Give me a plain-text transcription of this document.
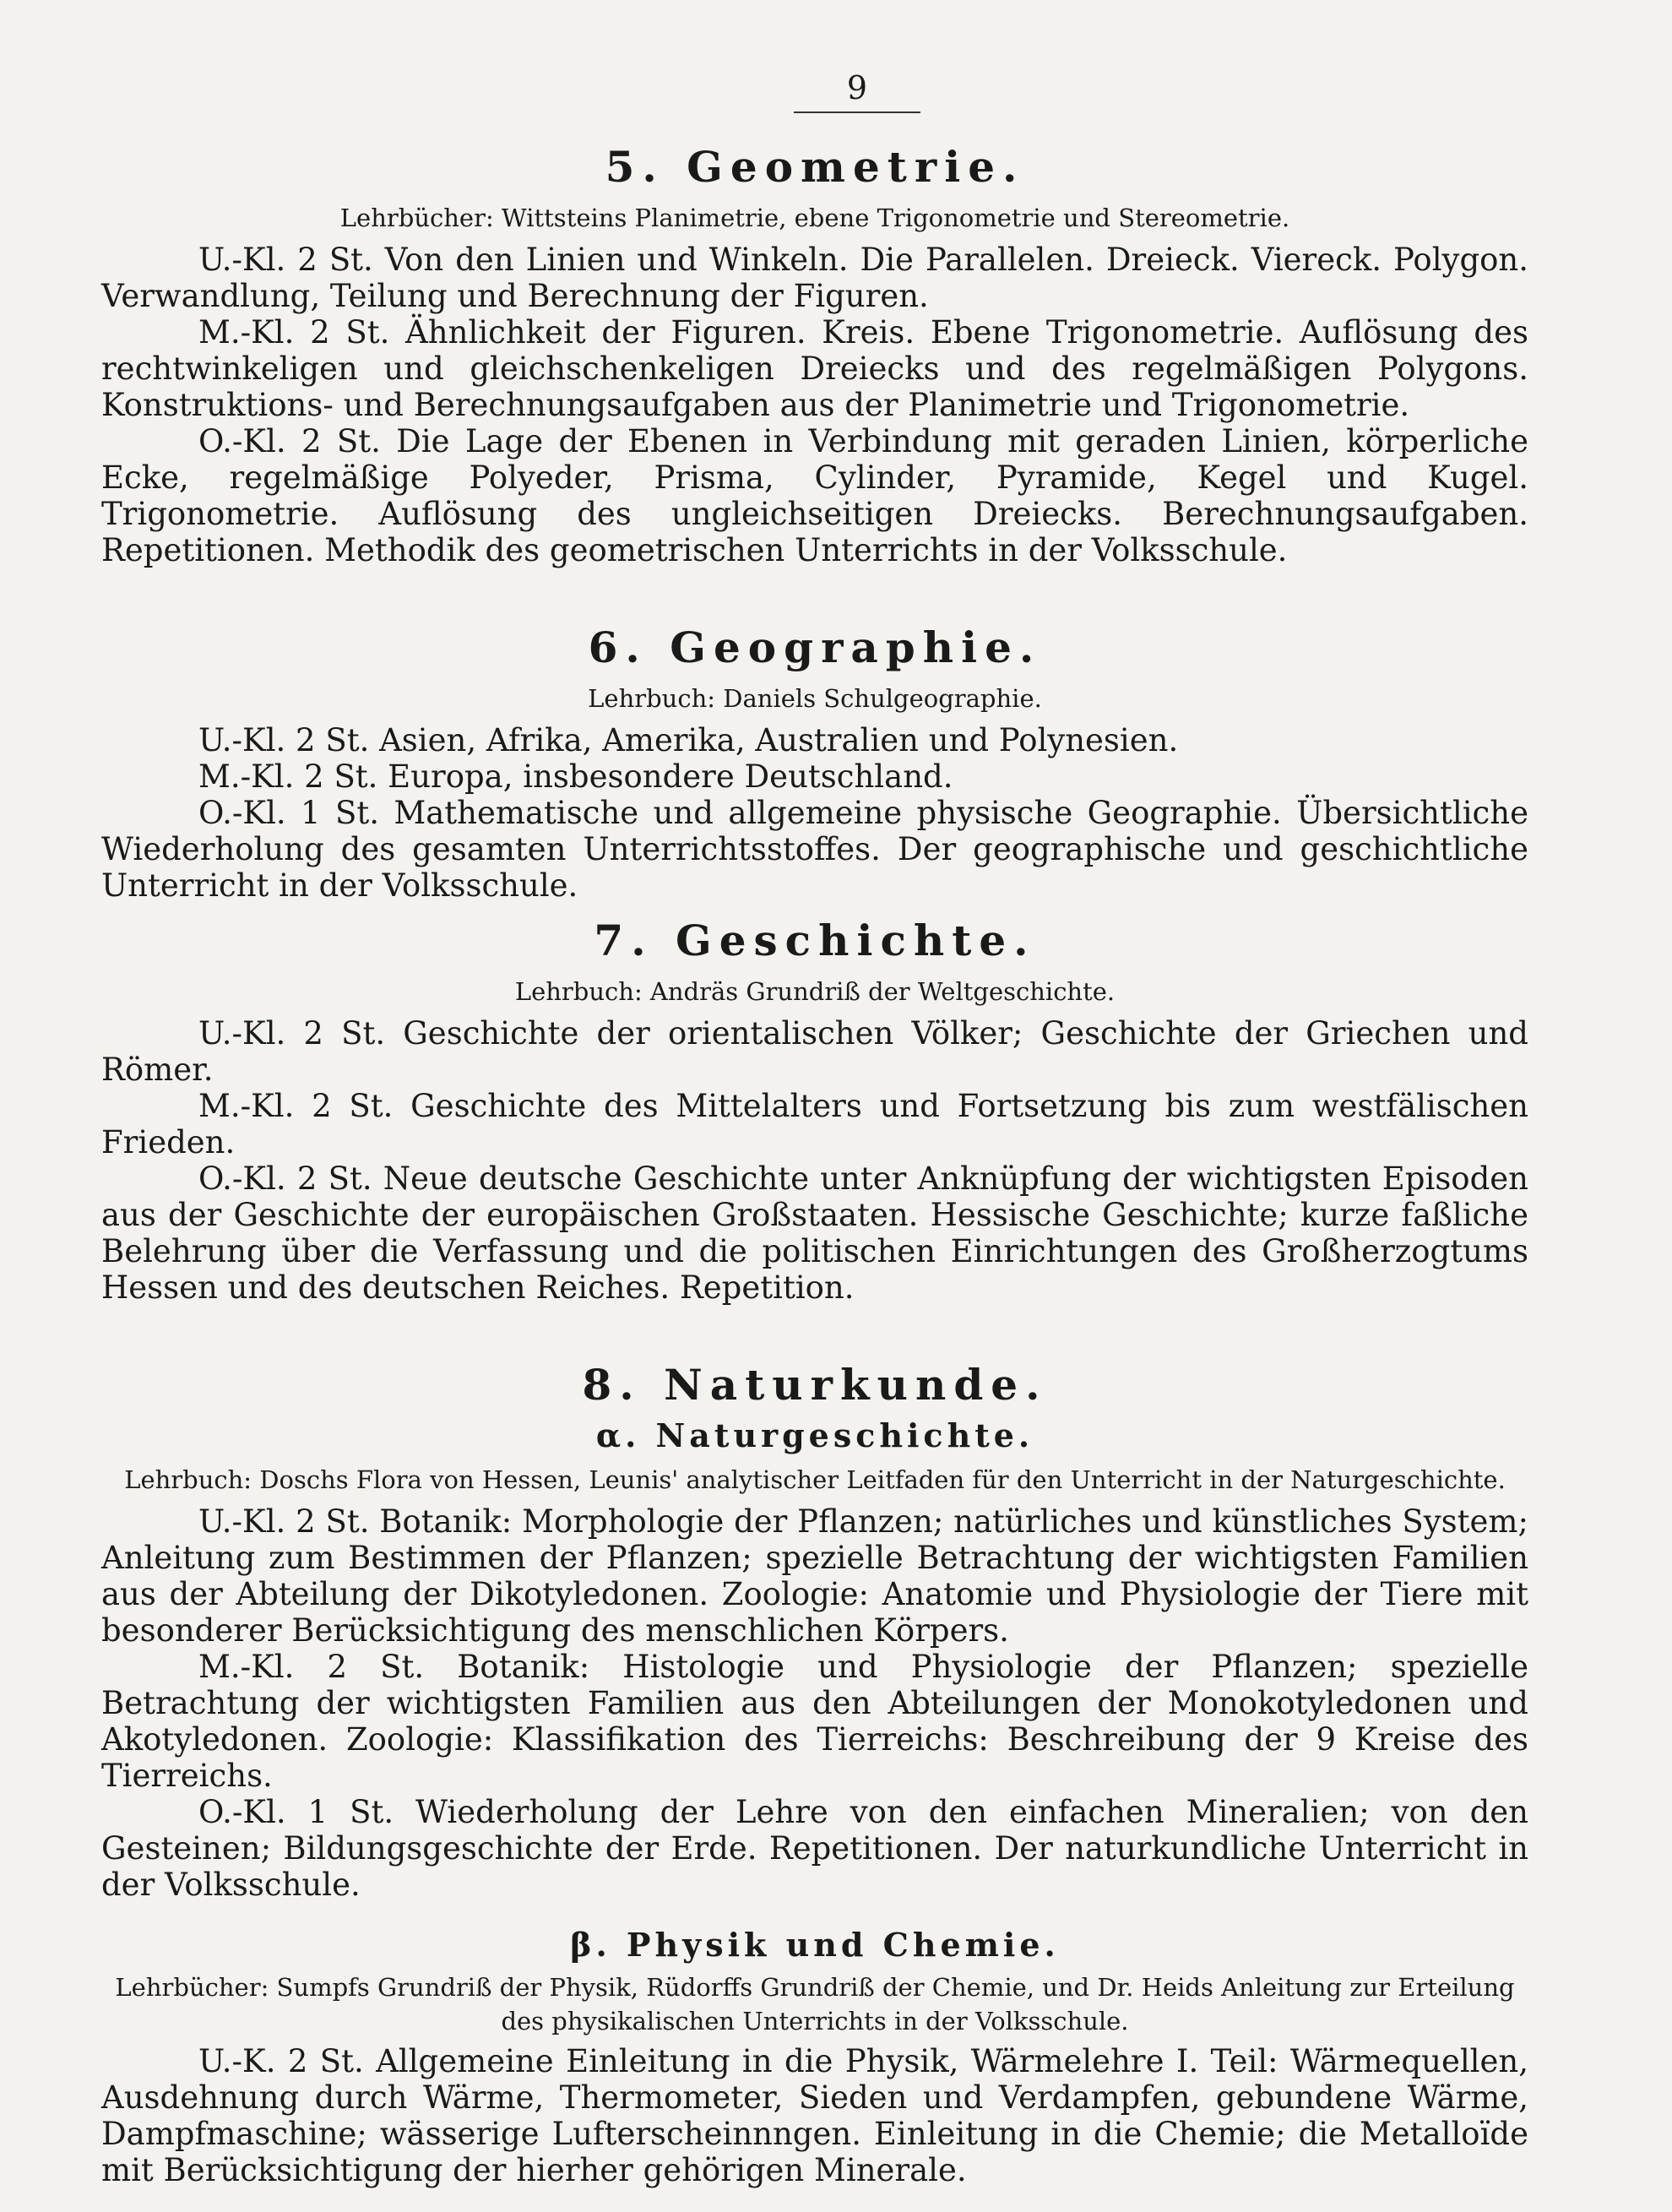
9
5. Geometrie.
Lehrbücher: Wittsteins Planimetrie, ebene Trigonometrie und Stereometrie.

U.-Kl. 2 St. Von den Linien und Winkeln. Die Parallelen. Dreieck. Viereck. Polygon. Verwandlung, Teilung und Berechnung der Figuren.

M.-Kl. 2 St. Ähnlichkeit der Figuren. Kreis. Ebene Trigonometrie. Auflösung des rechtwinkeligen und gleichschenkeligen Dreiecks und des regelmäßigen Polygons. Konstruktions- und Berechnungsaufgaben aus der Planimetrie und Trigonometrie.

O.-Kl. 2 St. Die Lage der Ebenen in Verbindung mit geraden Linien, körperliche Ecke, regelmäßige Polyeder, Prisma, Cylinder, Pyramide, Kegel und Kugel. Trigonometrie. Auflösung des ungleichseitigen Dreiecks. Berechnungsaufgaben. Repetitionen. Methodik des geometrischen Unterrichts in der Volksschule.

6. Geographie.
Lehrbuch: Daniels Schulgeographie.

U.-Kl. 2 St. Asien, Afrika, Amerika, Australien und Polynesien.

M.-Kl. 2 St. Europa, insbesondere Deutschland.

O.-Kl. 1 St. Mathematische und allgemeine physische Geographie. Übersichtliche Wiederholung des gesamten Unterrichtsstoffes. Der geographische und geschichtliche Unterricht in der Volksschule.

7. Geschichte.
Lehrbuch: Andräs Grundriß der Weltgeschichte.

U.-Kl. 2 St. Geschichte der orientalischen Völker; Geschichte der Griechen und Römer.

M.-Kl. 2 St. Geschichte des Mittelalters und Fortsetzung bis zum westfälischen Frieden.

O.-Kl. 2 St. Neue deutsche Geschichte unter Anknüpfung der wichtigsten Episoden aus der Geschichte der europäischen Großstaaten. Hessische Geschichte; kurze faßliche Belehrung über die Verfassung und die politischen Einrichtungen des Großherzogtums Hessen und des deutschen Reiches. Repetition.

8. Naturkunde.
α. Naturgeschichte.
Lehrbuch: Doschs Flora von Hessen, Leunis' analytischer Leitfaden für den Unterricht in der Naturgeschichte.

U.-Kl. 2 St. Botanik: Morphologie der Pflanzen; natürliches und künstliches System; Anleitung zum Bestimmen der Pflanzen; spezielle Betrachtung der wichtigsten Familien aus der Abteilung der Dikotyledonen. Zoologie: Anatomie und Physiologie der Tiere mit besonderer Berücksichtigung des menschlichen Körpers.

M.-Kl. 2 St. Botanik: Histologie und Physiologie der Pflanzen; spezielle Betrachtung der wichtigsten Familien aus den Abteilungen der Monokotyledonen und Akotyledonen. Zoologie: Klassifikation des Tierreichs: Beschreibung der 9 Kreise des Tierreichs.

O.-Kl. 1 St. Wiederholung der Lehre von den einfachen Mineralien; von den Gesteinen; Bildungsgeschichte der Erde. Repetitionen. Der naturkundliche Unterricht in der Volksschule.

β. Physik und Chemie.
Lehrbücher: Sumpfs Grundriß der Physik, Rüdorffs Grundriß der Chemie, und Dr. Heids Anleitung zur Erteilung des physikalischen Unterrichts in der Volksschule.

U.-K. 2 St. Allgemeine Einleitung in die Physik, Wärmelehre I. Teil: Wärmequellen, Ausdehnung durch Wärme, Thermometer, Sieden und Verdampfen, gebundene Wärme, Dampfmaschine; wässerige Lufterscheinnngen. Einleitung in die Chemie; die Metalloïde mit Berücksichtigung der hierher gehörigen Minerale.
